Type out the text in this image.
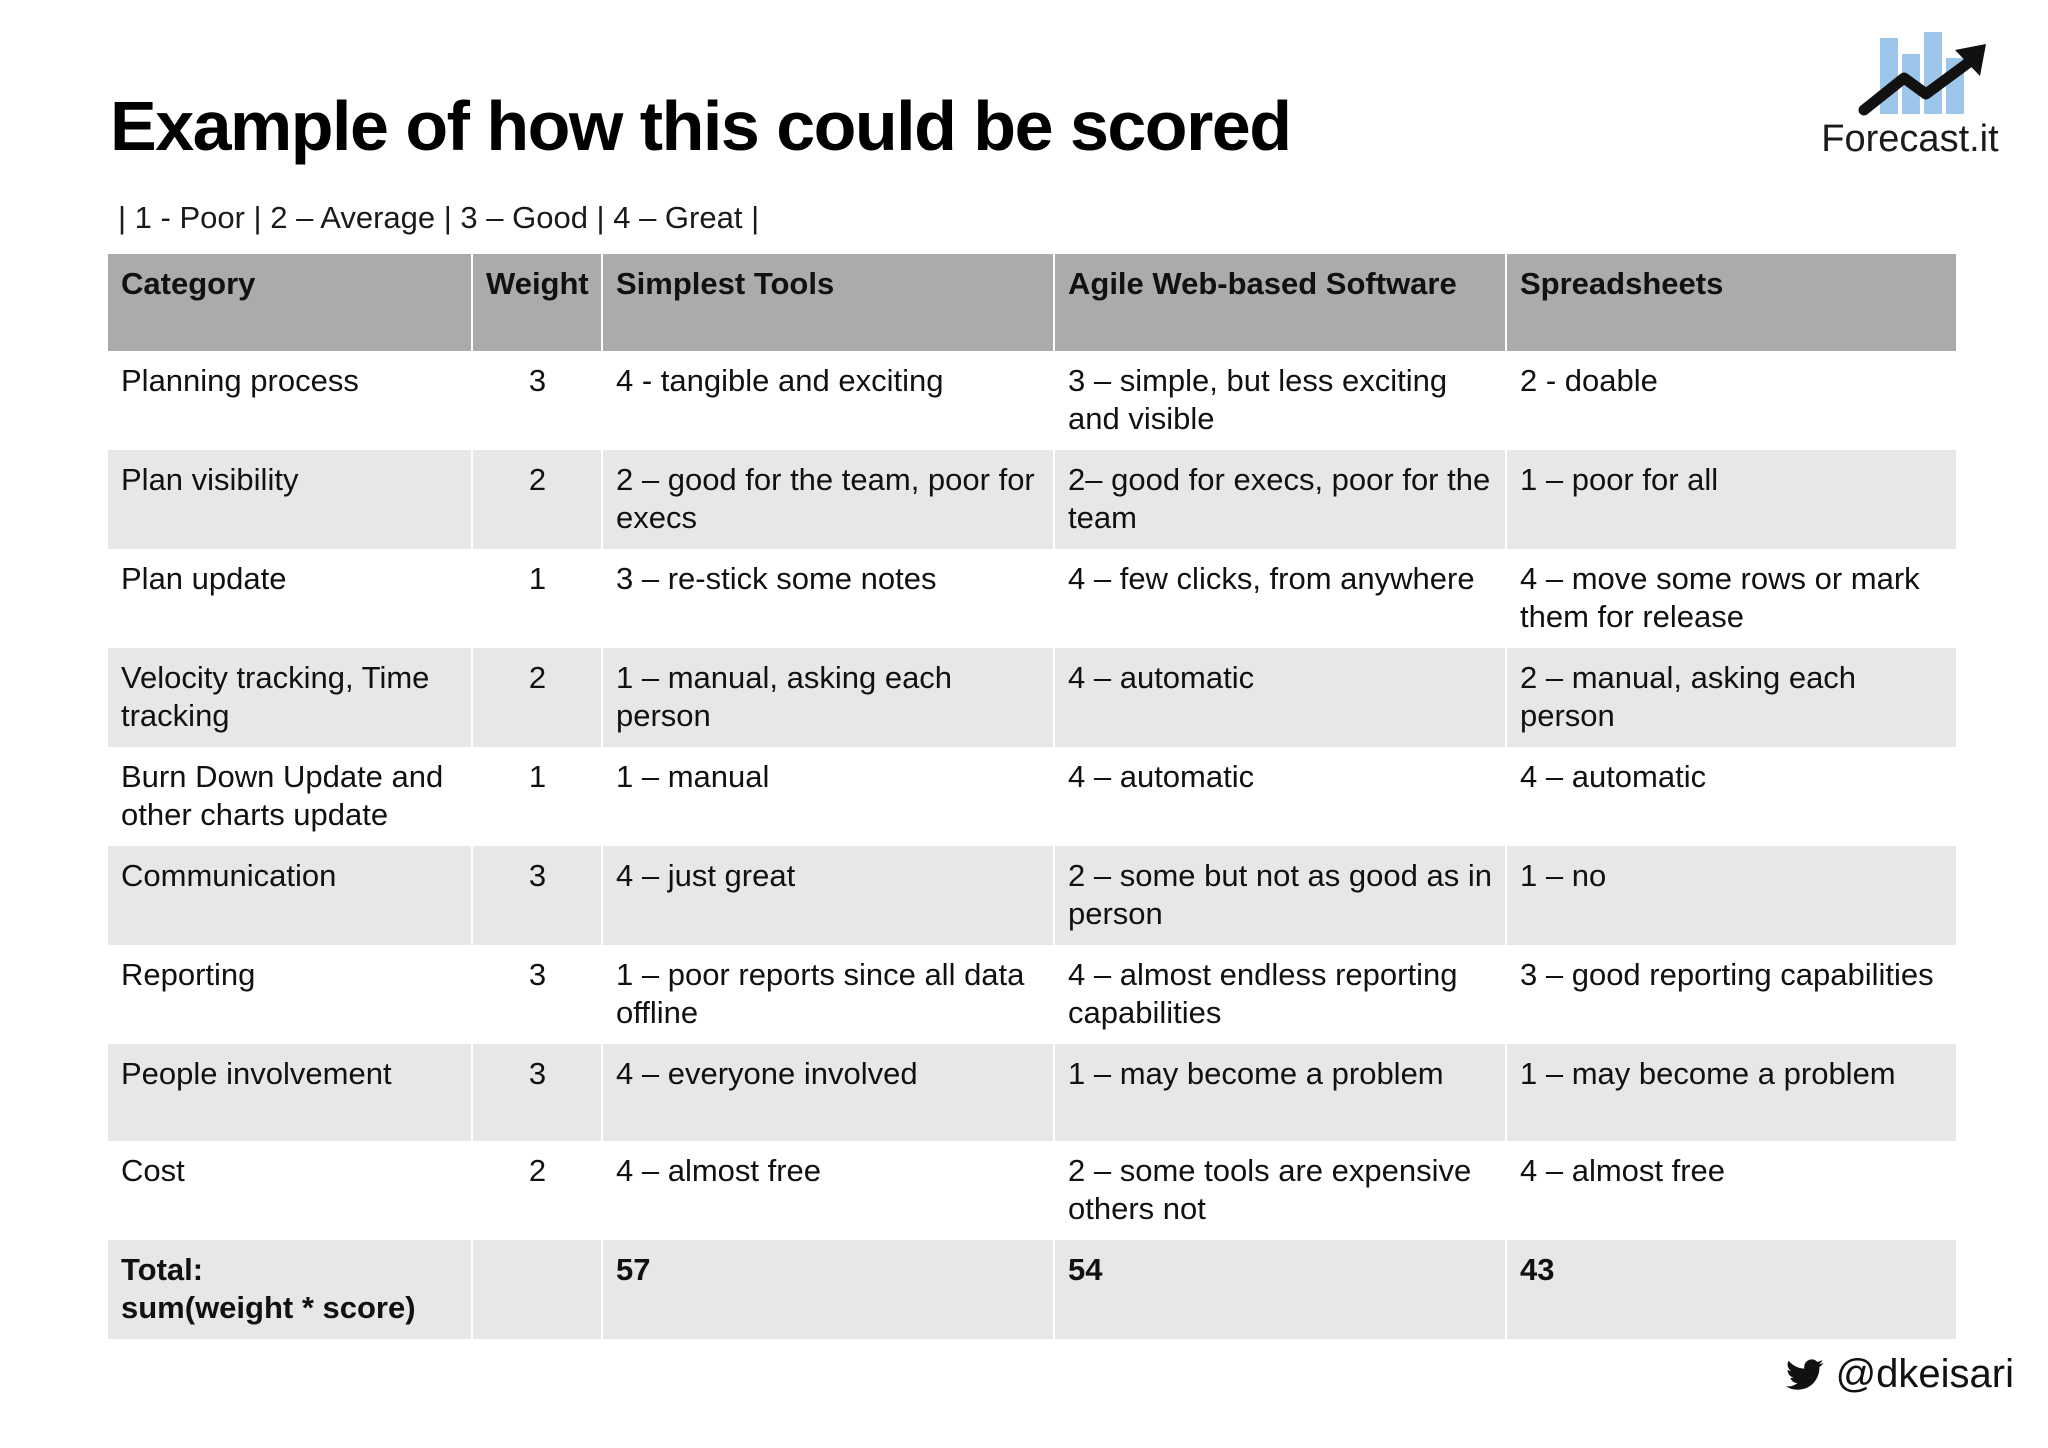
Example of how this could be scored
| 1 - Poor | 2 – Average | 3 – Good | 4 – Great |
Forecast.it
Category	Weight	Simplest Tools	Agile Web-based Software	Spreadsheets
Planning process	3	4 - tangible and exciting	3 – simple, but less exciting and visible	2 - doable
Plan visibility	2	2 – good for the team, poor for execs	2– good for execs, poor for the team	1 – poor for all
Plan update	1	3 – re-stick some notes	4 – few clicks, from anywhere	4 – move some rows or mark them for release
Velocity tracking, Time tracking	2	1 – manual, asking each person	4 – automatic	2 – manual, asking each person
Burn Down Update and other charts update	1	1 – manual	4 – automatic	4 – automatic
Communication	3	4 – just great	2 – some but not as good as in person	1 – no
Reporting	3	1 – poor reports since all data offline	4 – almost endless reporting capabilities	3 – good reporting capabilities
People involvement	3	4 – everyone involved	1 – may become a problem	1 – may become a problem
Cost	2	4 – almost free	2 – some tools are expensive others not	4 – almost free
Total:
sum(weight * score)		57	54	43
@dkeisari
